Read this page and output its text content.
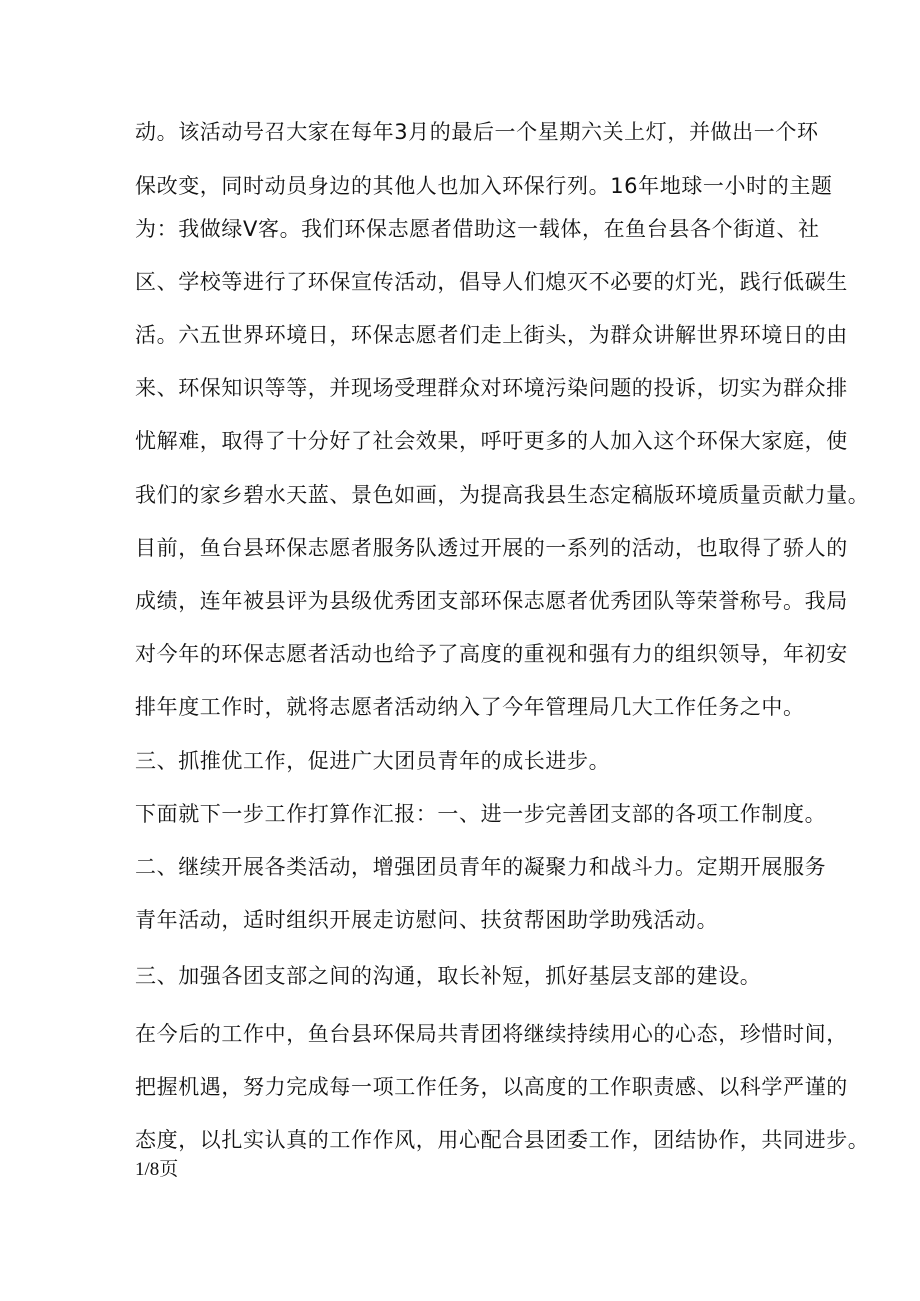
动。该活动号召大家在每年3月的最后一个星期六关上灯，并做出一个环
保改变，同时动员身边的其他人也加入环保行列。16年地球一小时的主题
为：我做绿V客。我们环保志愿者借助这一载体，在鱼台县各个街道、社
区、学校等进行了环保宣传活动，倡导人们熄灭不必要的灯光，践行低碳生
活。六五世界环境日，环保志愿者们走上街头，为群众讲解世界环境日的由
来、环保知识等等，并现场受理群众对环境污染问题的投诉，切实为群众排
忧解难，取得了十分好了社会效果，呼吁更多的人加入这个环保大家庭，使
我们的家乡碧水天蓝、景色如画，为提高我县生态定稿版环境质量贡献力量。
目前，鱼台县环保志愿者服务队透过开展的一系列的活动，也取得了骄人的
成绩，连年被县评为县级优秀团支部环保志愿者优秀团队等荣誉称号。我局
对今年的环保志愿者活动也给予了高度的重视和强有力的组织领导，年初安
排年度工作时，就将志愿者活动纳入了今年管理局几大工作任务之中。
三、抓推优工作，促进广大团员青年的成长进步。
下面就下一步工作打算作汇报：一、进一步完善团支部的各项工作制度。
二、继续开展各类活动，增强团员青年的凝聚力和战斗力。定期开展服务
青年活动，适时组织开展走访慰问、扶贫帮困助学助残活动。
三、加强各团支部之间的沟通，取长补短，抓好基层支部的建设。
在今后的工作中，鱼台县环保局共青团将继续持续用心的心态，珍惜时间，
把握机遇，努力完成每一项工作任务，以高度的工作职责感、以科学严谨的
态度，以扎实认真的工作作风，用心配合县团委工作，团结协作，共同进步。
1/8页
